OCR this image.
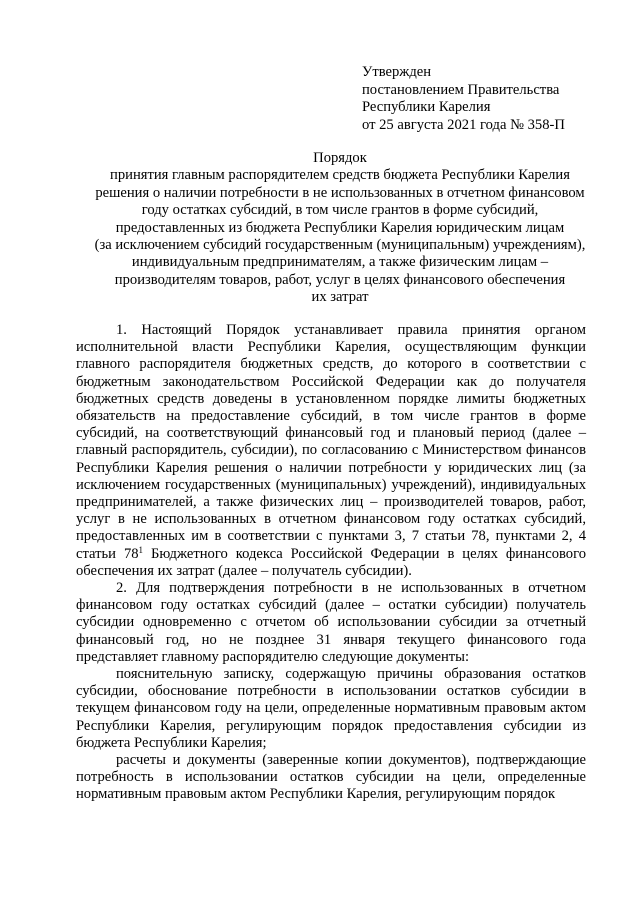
Утвержден
постановлением Правительства
Республики Карелия
от 25 августа 2021 года № 358-П
Порядок
принятия главным распорядителем средств бюджета Республики Карелия
решения о наличии потребности в не использованных в отчетном финансовом
году остатках субсидий, в том числе грантов в форме субсидий,
предоставленных из бюджета Республики Карелия юридическим лицам
(за исключением субсидий государственным (муниципальным) учреждениям),
индивидуальным предпринимателям, а также физическим лицам –
производителям товаров, работ, услуг в целях финансового обеспечения
их затрат

1. Настоящий Порядок устанавливает правила принятия органом исполнительной власти Республики Карелия, осуществляющим функции главного распорядителя бюджетных средств, до которого в соответствии с бюджетным законодательством Российской Федерации как до получателя бюджетных средств доведены в установленном порядке лимиты бюджетных обязательств на предоставление субсидий, в том числе грантов в форме субсидий, на соответствующий финансовый год и плановый период (далее – главный распорядитель, субсидии), по согласованию с Министерством финансов Республики Карелия решения о наличии потребности у юридических лиц (за исключением государственных (муниципальных) учреждений), индивидуальных предпринимателей, а также физических лиц – производителей товаров, работ, услуг в не использованных в отчетном финансовом году остатках субсидий, предоставленных им в соответствии с пунктами 3, 7 статьи 78, пунктами 2, 4 статьи $78^1$ Бюджетного кодекса Российской Федерации в целях финансового обеспечения их затрат (далее – получатель субсидии).

2. Для подтверждения потребности в не использованных в отчетном финансовом году остатках субсидий (далее – остатки субсидии) получатель субсидии одновременно с отчетом об использовании субсидии за отчетный финансовый год, но не позднее 31 января текущего финансового года представляет главному распорядителю следующие документы:

пояснительную записку, содержащую причины образования остатков субсидии, обоснование потребности в использовании остатков субсидии в текущем финансовом году на цели, определенные нормативным правовым актом Республики Карелия, регулирующим порядок предоставления субсидии из бюджета Республики Карелия;

расчеты и документы (заверенные копии документов), подтверждающие потребность в использовании остатков субсидии на цели, определенные нормативным правовым актом Республики Карелия, регулирующим порядок
